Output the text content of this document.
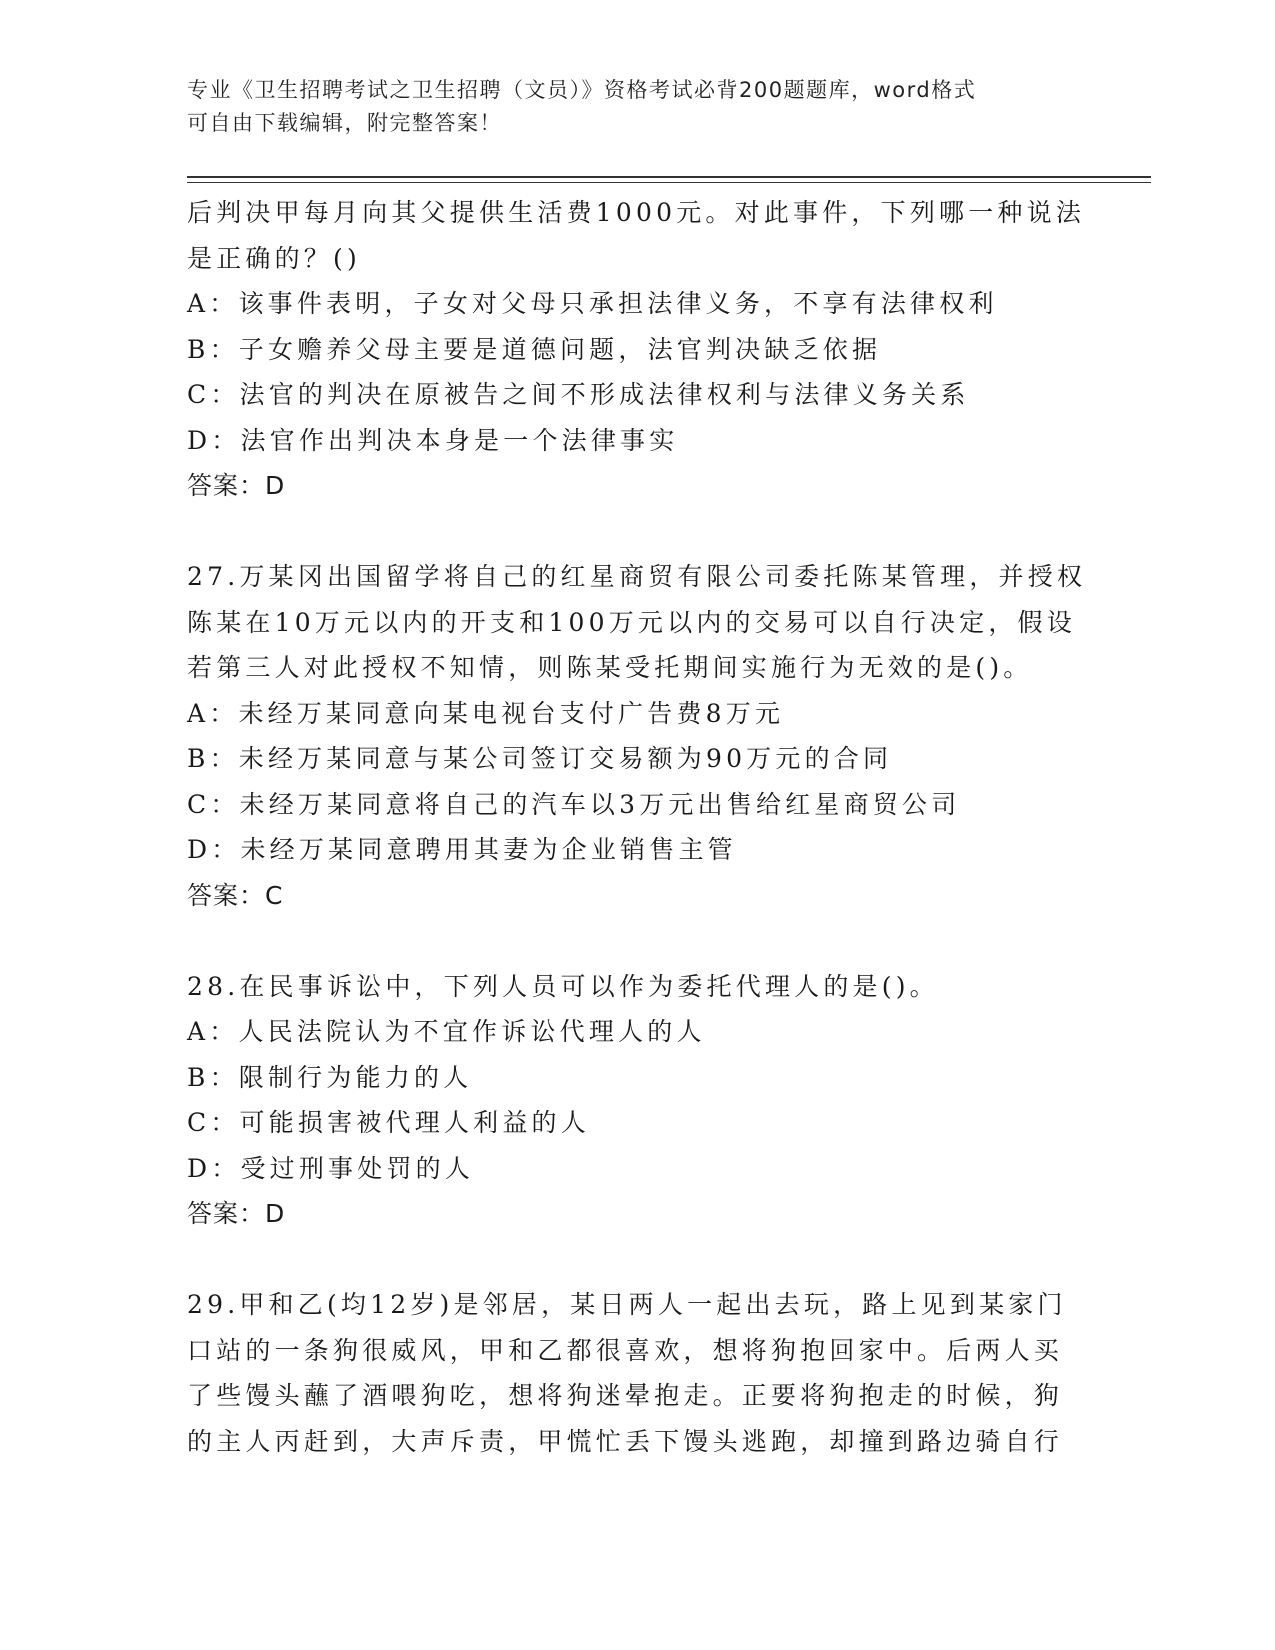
专业《卫生招聘考试之卫生招聘（文员）》资格考试必背200题题库，word格式
可自由下载编辑，附完整答案！
后判决甲每月向其父提供生活费1000元。对此事件，下列哪一种说法
是正确的？()
A：该事件表明，子女对父母只承担法律义务，不享有法律权利
B：子女赡养父母主要是道德问题，法官判决缺乏依据
C：法官的判决在原被告之间不形成法律权利与法律义务关系
D：法官作出判决本身是一个法律事实
答案：D
27.万某冈出国留学将自己的红星商贸有限公司委托陈某管理，并授权
陈某在10万元以内的开支和100万元以内的交易可以自行决定，假设
若第三人对此授权不知情，则陈某受托期间实施行为无效的是()。
A：未经万某同意向某电视台支付广告费8万元
B：未经万某同意与某公司签订交易额为90万元的合同
C：未经万某同意将自己的汽车以3万元出售给红星商贸公司
D：未经万某同意聘用其妻为企业销售主管
答案：C
28.在民事诉讼中，下列人员可以作为委托代理人的是()。
A：人民法院认为不宜作诉讼代理人的人
B：限制行为能力的人
C：可能损害被代理人利益的人
D：受过刑事处罚的人
答案：D
29.甲和乙(均12岁)是邻居，某日两人一起出去玩，路上见到某家门
口站的一条狗很威风，甲和乙都很喜欢，想将狗抱回家中。后两人买
了些馒头蘸了酒喂狗吃，想将狗迷晕抱走。正要将狗抱走的时候，狗
的主人丙赶到，大声斥责，甲慌忙丢下馒头逃跑，却撞到路边骑自行
